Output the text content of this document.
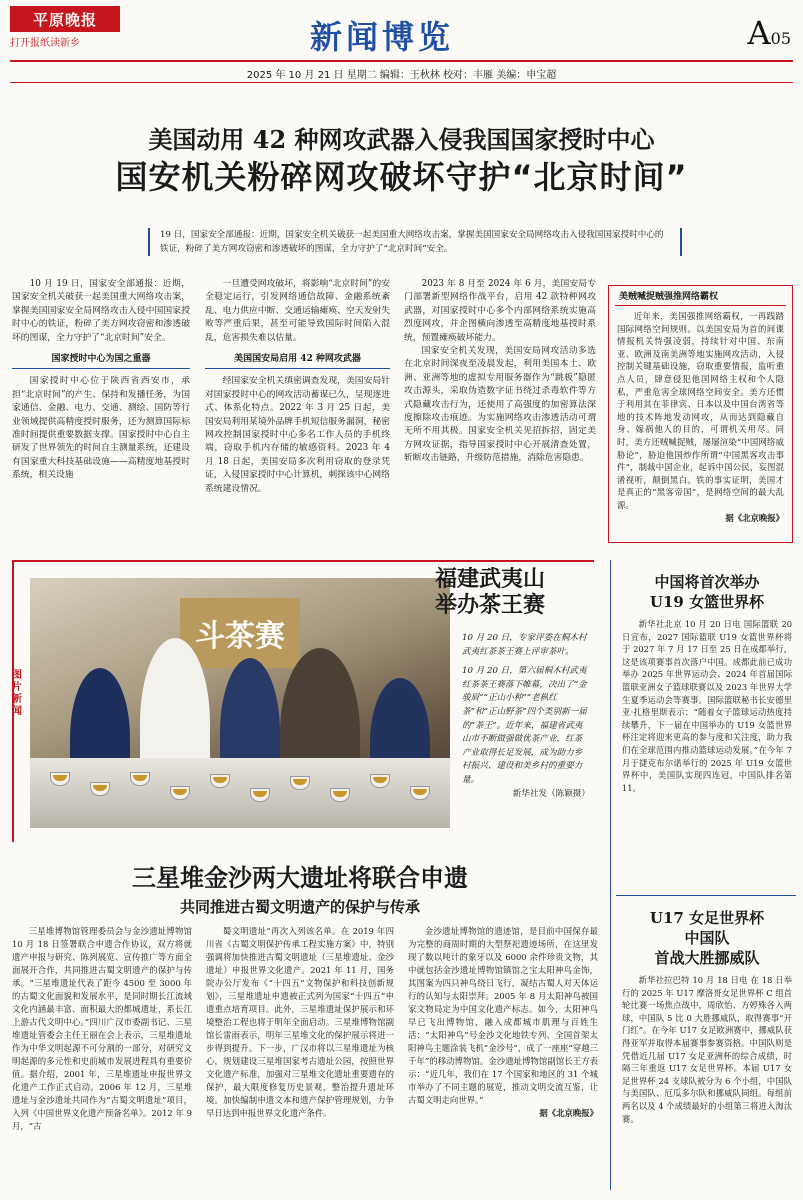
平原晚报
打开报纸读新乡	新闻博览	A05
2025 年 10 月 21 日 星期二 编辑：王秋林 校对：丰雁 美编：申宝超
美国动用 42 种网攻武器入侵我国国家授时中心
国安机关粉碎网攻破坏守护“北京时间”
19 日，国家安全部通报：近期，国家安全机关破获一起美国重大网络攻击案，掌握美国国家安全局网络攻击入侵我国国家授时中心的铁证，粉碎了美方网攻窃密和渗透破坏的图谋，全力守护了“北京时间”安全。

10 月 19 日，国家安全部通报：近期，国家安全机关破获一起美国重大网络攻击案，掌握美国国家安全局网络攻击入侵中国国家授时中心的铁证，粉碎了美方网攻窃密和渗透破坏的图谋，全力守护了“北京时间”安全。

国家授时中心为国之重器

国家授时中心位于陕西省西安市，承担“北京时间”的产生、保持和发播任务，为国家通信、金融、电力、交通、测绘、国防等行业领域提供高精度授时服务，还为测算国际标准时间提供重要数据支撑。国家授时中心自主研发了世界领先的时间自主测量系统，还建设有国家重大科技基础设施——高精度地基授时系统，相关设施

一旦遭受网攻破坏，将影响“北京时间”的安全稳定运行，引发网络通信故障、金融系统紊乱、电力供应中断、交通运输瘫痪、空天发射失败等严重后果，甚至可能导致国际时间陷入混乱，危害损失难以估量。

美国国安局启用 42 种网攻武器

经国家安全机关缜密调查发现，美国安局针对国家授时中心的网攻活动蓄谋已久，呈现逐进式、体系化特点。2022 年 3 月 25 日起，美国安局利用某境外品牌手机短信服务漏洞，秘密网攻控制国家授时中心多名工作人员的手机终端，窃取手机内存储的敏感资料。2023 年 4 月 18 日起，美国安局多次利用窃取的登录凭证，入侵国家授时中心计算机，刺探该中心网络系统建设情况。

2023 年 8 月至 2024 年 6 月，美国安局专门部署新型网络作战平台，启用 42 款特种网攻武器，对国家授时中心多个内部网络系统实施高烈度网攻，并企图横向渗透至高精度地基授时系统，预置瘫痪破坏能力。

国家安全机关发现，美国安局网攻活动多选在北京时间深夜至凌晨发起，利用美国本土、欧洲、亚洲等地的虚拟专用服务器作为“跳板”隐匿攻击源头，采取伪造数字证书绕过杀毒软件等方式隐藏攻击行为，还使用了高强度的加密算法深度擦除攻击痕迹。为实施网络攻击渗透活动可谓无所不用其极。国家安全机关见招拆招，固定美方网攻证据，指导国家授时中心开展清查处置，斩断攻击链路，升级防范措施，消除危害隐患。

美贼喊捉贼强推网络霸权

近年来，美国强推网络霸权，一再践踏国际网络空间规则。以美国安局为首的间谍情报机关恃强凌弱，持续针对中国、东南亚、欧洲及南美洲等地实施网攻活动，入侵控制关键基础设施，窃取重要情报，监听重点人员，肆意侵犯他国网络主权和个人隐私，严重危害全球网络空间安全。美方还惯于利用其在菲律宾、日本以及中国台湾省等地的技术阵地发动网攻，从而达到隐藏自身、嫁祸他人的目的，可谓机关用尽。同时，美方还贼喊捉贼，屡屡渲染“中国网络威胁论”，胁迫他国炒作所谓“中国黑客攻击事件”，制裁中国企业，起诉中国公民，妄图混淆视听，颠倒黑白。铁的事实证明，美国才是真正的“黑客帝国”，是网络空间的最大乱源。

据《北京晚报》
图片新闻
斗茶赛
福建武夷山
举办茶王赛
10 月 20 日，专家评委在桐木村武夷红茶茶王赛上评审茶叶。
10 月 20 日，第六届桐木村武夷红茶茶王赛落下帷幕，决出了“金骏眉”“正山小种”“老枞红茶”和“正山野茶”四个类别新一届的“茶王”。近年来，福建省武夷山市不断做强做优茶产业，红茶产业取得长足发展，成为助力乡村振兴、建设和美乡村的重要力量。
新华社发（陈颖摄）
三星堆金沙两大遗址将联合申遗
共同推进古蜀文明遗产的保护与传承

三星堆博物馆管理委员会与金沙遗址博物馆 10 月 18 日签署联合申遗合作协议，双方将就遗产申报与研究、陈列展览、宣传推广等方面全面展开合作，共同推进古蜀文明遗产的保护与传承。“三星堆遗址代表了距今 4500 至 3000 年的古蜀文化面貌和发展水平，是同时期长江流域文化内涵最丰富、面积最大的都城遗址，系长江上游古代文明中心。”四川广汉市委副书记、三星堆遗址管委会主任王丽在会上表示，三星堆遗址作为中华文明起源不可分割的一部分，对研究文明起源的多元性和史前城市发展进程具有重要价值。据介绍，2001 年，三星堆遗址申报世界文化遗产工作正式启动。2006 年 12 月，三星堆遗址与金沙遗址共同作为“古蜀文明遗址”项目，入列《中国世界文化遗产预备名单》。2012 年 9 月，“古

蜀文明遗址”再次入列该名单。在 2019 年四川省《古蜀文明保护传承工程实施方案》中，特别强调将加快推进古蜀文明遗址（三星堆遗址、金沙遗址）申报世界文化遗产。2021 年 11 月，国务院办公厅发布《“十四五”文物保护和科技创新规划》，三星堆遗址申遗被正式列为国家“十四五”申遗重点培育项目。此外，三星堆遗址保护展示和环境整治工程也将于明年全面启动。三星堆博物馆副馆长雷雨表示，明年三星堆文化的保护展示将进一步得到提升。下一步，广汉市将以三星堆遗址为核心，规划建设三星堆国家考古遗址公园，按照世界文化遗产标准，加强对三星堆文化遗址重要遗存的保护，最大限度修复历史景观，整治提升遗址环境。加快编制申遗文本和遗产保护管理规划，力争早日达到申报世界文化遗产条件。

金沙遗址博物馆的遗迹馆，是目前中国保存最为完整的商周时期的大型祭祀遗迹场所，在这里发现了数以吨计的象牙以及 6000 余件珍贵文物，其中就包括金沙遗址博物馆镇馆之宝太阳神鸟金饰，其图案为四只神鸟绕日飞行，凝结古蜀人对天体运行的认知与太阳崇拜。2005 年 8 月太阳神鸟被国家文物局定为中国文化遗产标志。如今，太阳神鸟早已飞出博物馆，融入成都城市肌理与百姓生活：“太阳神鸟”号金沙文化地铁专列、全国首架太阳神鸟主题涂装飞机“金沙号”，成了一座座“穿越三千年”的移动博物馆。金沙遗址博物馆副馆长王方表示：“近几年，我们在 17 个国家和地区的 31 个城市举办了不同主题的展览，推动文明交流互鉴，让古蜀文明走向世界。”

据《北京晚报》
中国将首次举办
U19 女篮世界杯

新华社北京 10 月 20 日电 国际篮联 20 日宣布，2027 国际篮联 U19 女篮世界杯将于 2027 年 7 月 17 日至 25 日在成都举行，这是该项赛事首次落户中国。成都此前已成功举办 2025 年世界运动会、2024 年首届国际篮联亚洲女子篮球联赛以及 2023 年世界大学生夏季运动会等赛事。国际篮联秘书长安德里亚·扎格里斯表示：“随着女子篮球运动热度持续攀升，下一届在中国举办的 U19 女篮世界杯注定将迎来更高的参与度和关注度，助力我们在全球范围内推动篮球运动发展。”在今年 7 月于捷克布尔诺举行的 2025 年 U19 女篮世界杯中，美国队实现四连冠，中国队排名第 11。

U17 女足世界杯
中国队
首战大胜挪威队

新华社拉巴特 10 月 18 日电 在 18 日举行的 2025 年 U17 摩洛哥女足世界杯 C 组首轮比赛一场焦点战中，周欣怡、方婷殊各入两球，中国队 5 比 0 大胜挪威队，取得赛事“开门红”。在今年 U17 女足欧洲赛中，挪威队获得亚军并取得本届赛事参赛资格。中国队则是凭借近几届 U17 女足亚洲杯的综合成绩，时隔三年重返 U17 女足世界杯。本届 U17 女足世界杯 24 支球队被分为 6 个小组，中国队与美国队、厄瓜多尔队和挪威队同组。每组前两名以及 4 个成绩最好的小组第三将进入淘汰赛。
